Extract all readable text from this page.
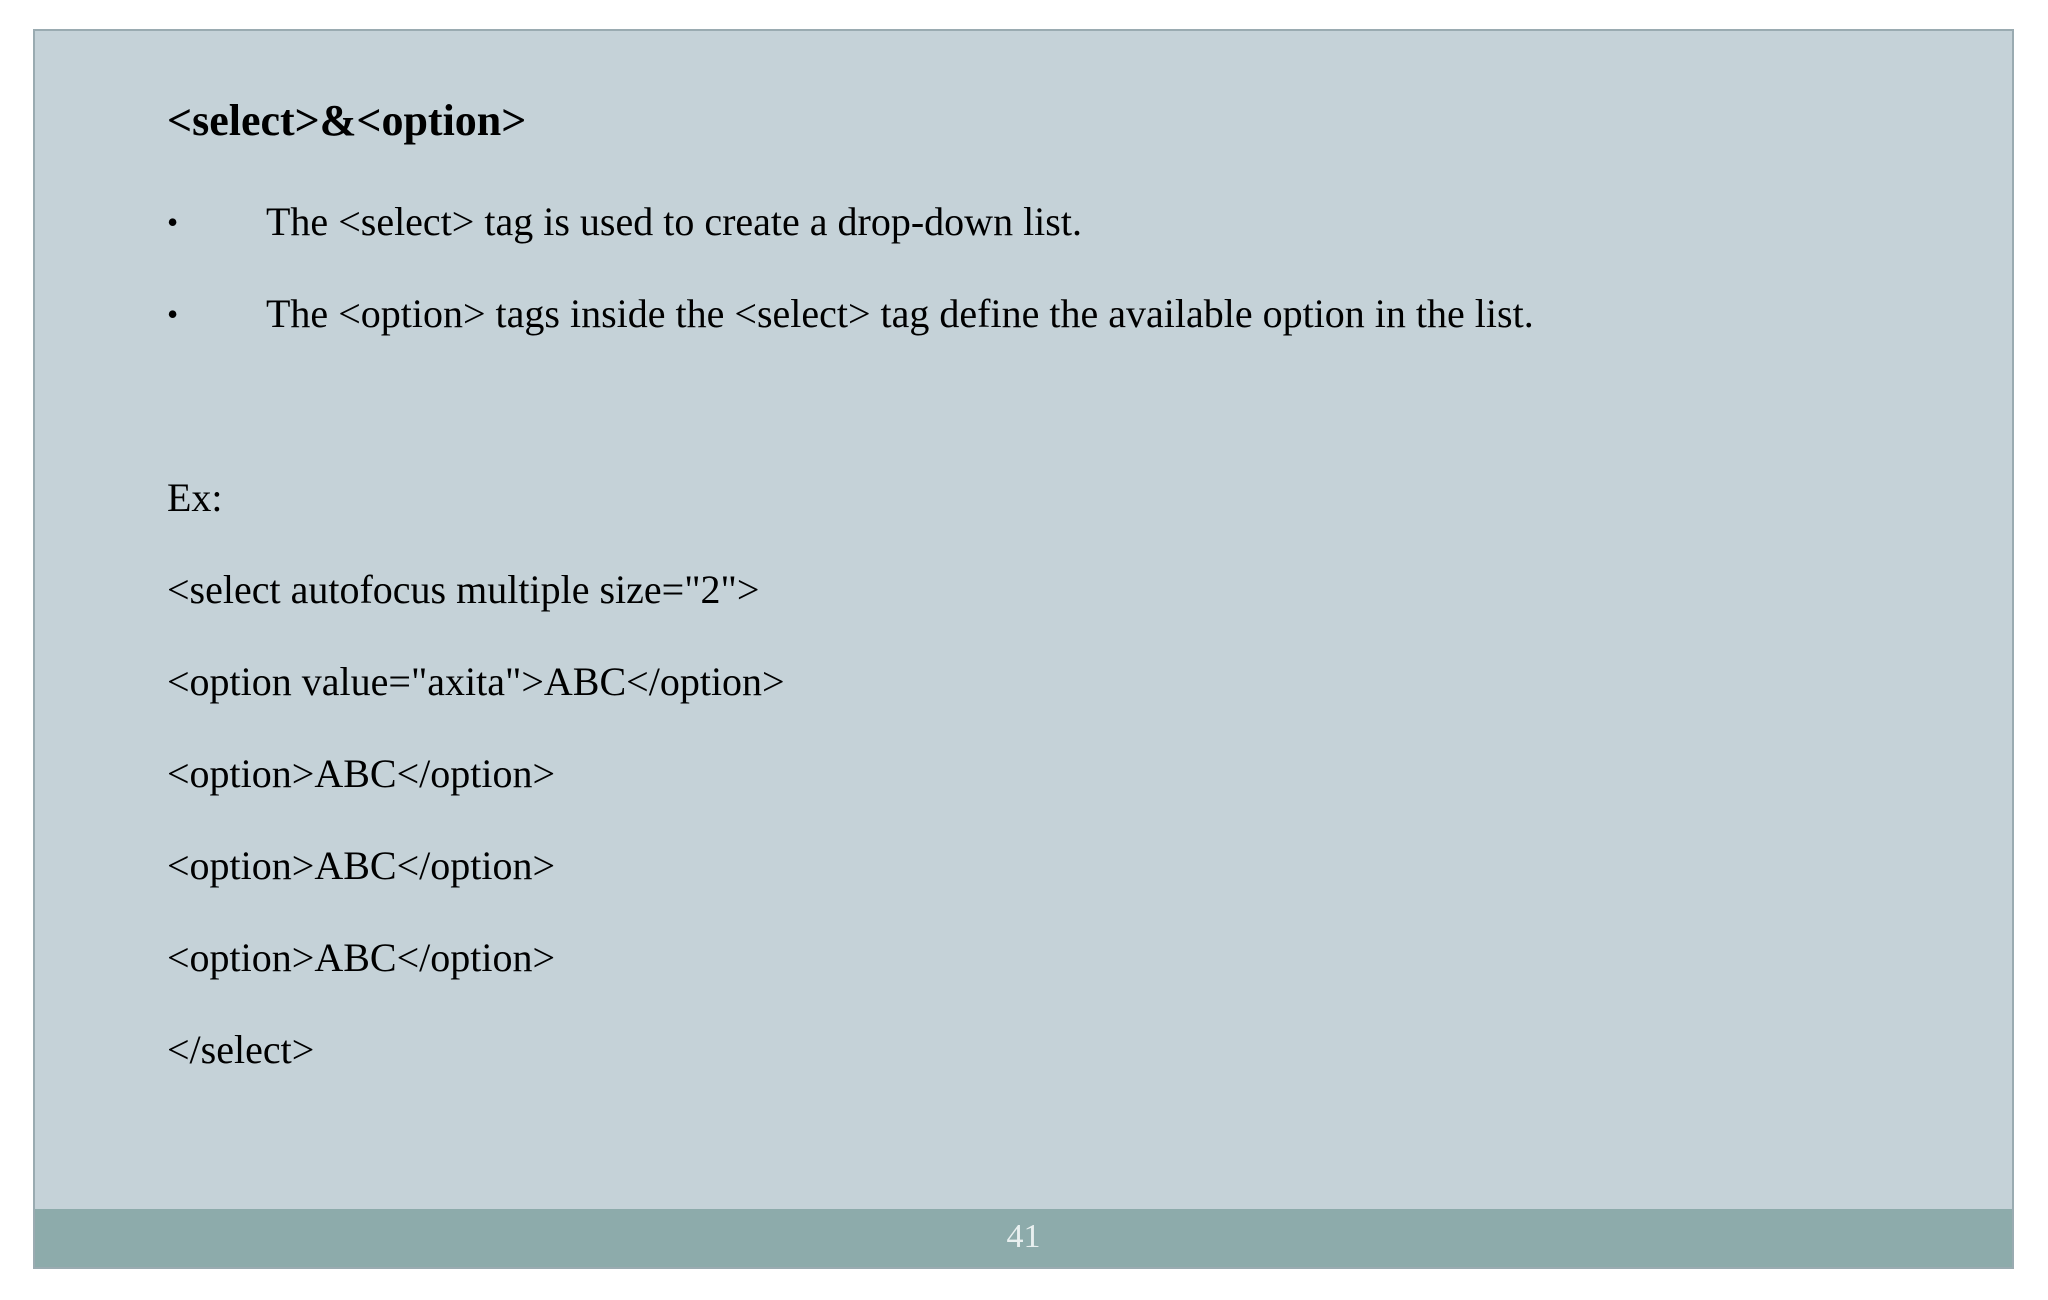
<select>&<option>
• The <select> tag is used to create a drop-down list.
• The <option> tags inside the <select> tag define the available option in the list.
Ex:
<select autofocus multiple size="2">
<option value="axita">ABC</option>
<option>ABC</option>
<option>ABC</option>
<option>ABC</option>
</select>
41
